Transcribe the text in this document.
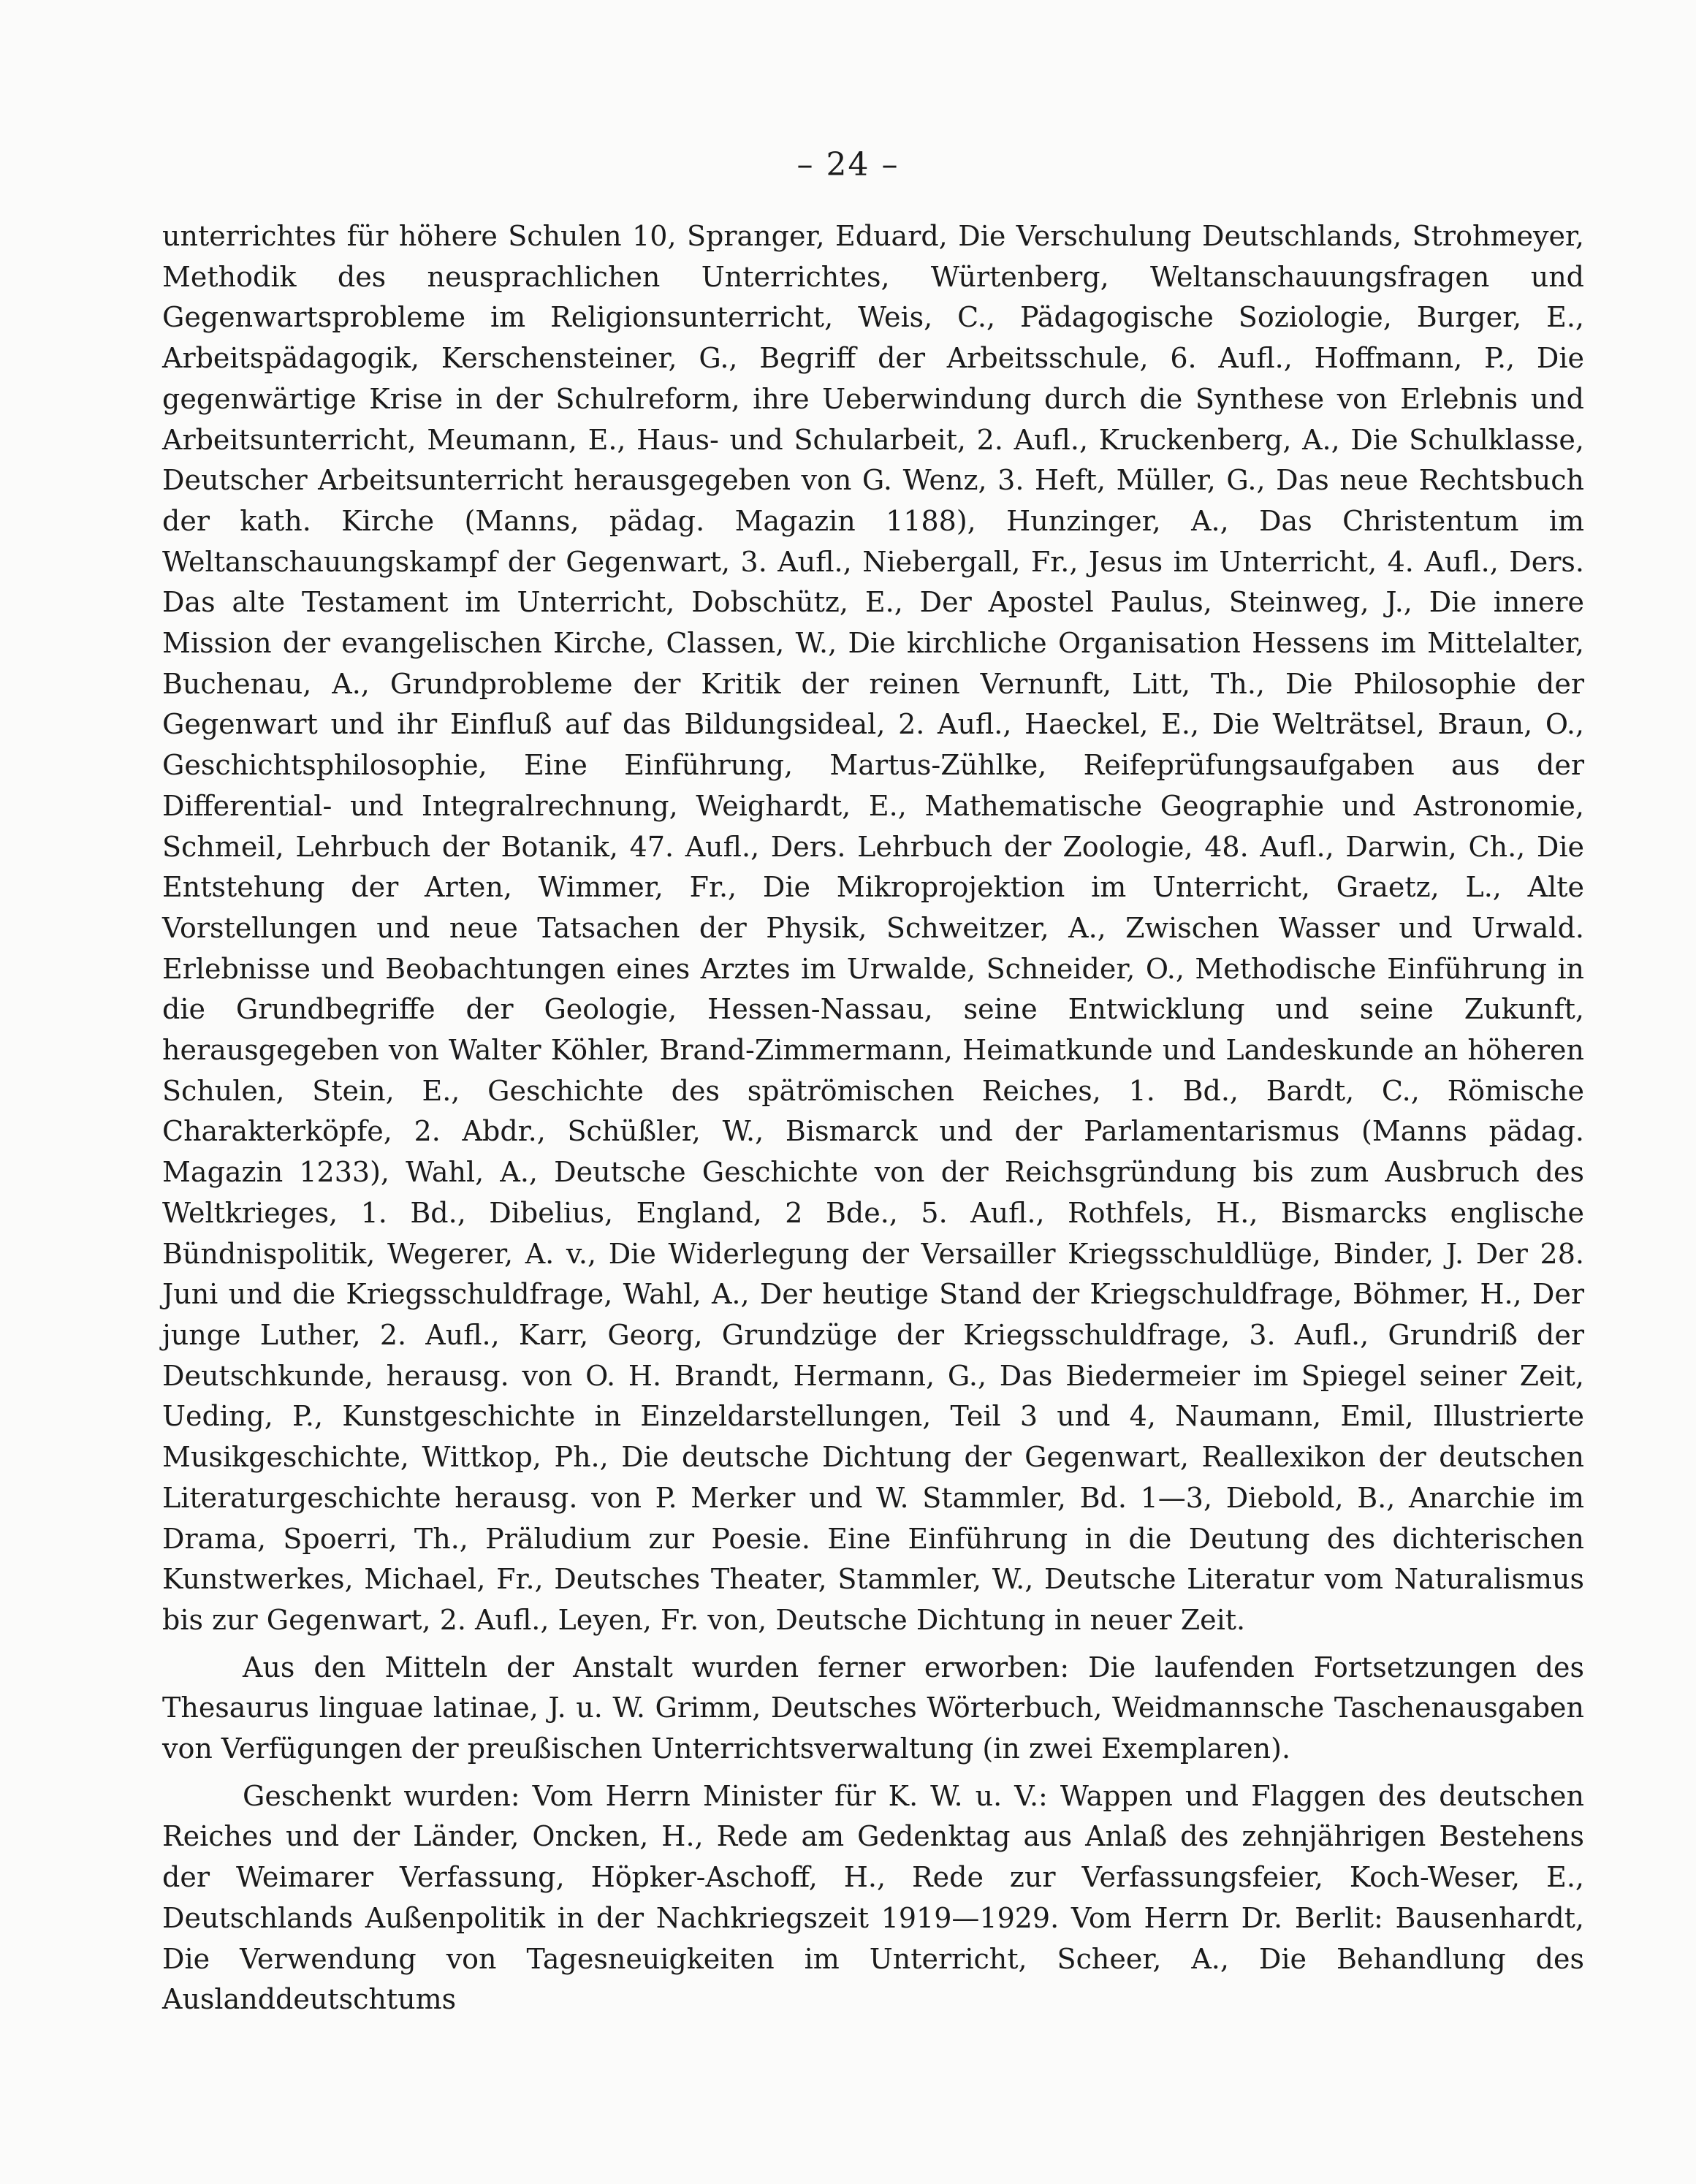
– 24 –

unterrichtes für höhere Schulen 10, Spranger, Eduard, Die Verschulung Deutschlands, Strohmeyer, Methodik des neusprachlichen Unterrichtes, Würtenberg, Weltanschauungsfragen und Gegenwartsprobleme im Religionsunterricht, Weis, C., Pädagogische Soziologie, Burger, E., Arbeitspädagogik, Kerschensteiner, G., Begriff der Arbeitsschule, 6. Aufl., Hoffmann, P., Die gegenwärtige Krise in der Schulreform, ihre Ueberwindung durch die Synthese von Erlebnis und Arbeitsunterricht, Meumann, E., Haus- und Schularbeit, 2. Aufl., Kruckenberg, A., Die Schulklasse, Deutscher Arbeitsunterricht herausgegeben von G. Wenz, 3. Heft, Müller, G., Das neue Rechtsbuch der kath. Kirche (Manns, pädag. Magazin 1188), Hunzinger, A., Das Christentum im Weltanschauungskampf der Gegenwart, 3. Aufl., Niebergall, Fr., Jesus im Unterricht, 4. Aufl., Ders. Das alte Testament im Unterricht, Dobschütz, E., Der Apostel Paulus, Steinweg, J., Die innere Mission der evangelischen Kirche, Classen, W., Die kirchliche Organisation Hessens im Mittelalter, Buchenau, A., Grundprobleme der Kritik der reinen Vernunft, Litt, Th., Die Philosophie der Gegenwart und ihr Einfluß auf das Bildungsideal, 2. Aufl., Haeckel, E., Die Welträtsel, Braun, O., Geschichtsphilosophie, Eine Einführung, Martus-Zühlke, Reifeprüfungsaufgaben aus der Differential- und Integralrechnung, Weighardt, E., Mathematische Geographie und Astronomie, Schmeil, Lehrbuch der Botanik, 47. Aufl., Ders. Lehrbuch der Zoologie, 48. Aufl., Darwin, Ch., Die Entstehung der Arten, Wimmer, Fr., Die Mikroprojektion im Unterricht, Graetz, L., Alte Vorstellungen und neue Tatsachen der Physik, Schweitzer, A., Zwischen Wasser und Urwald. Erlebnisse und Beobachtungen eines Arztes im Urwalde, Schneider, O., Methodische Einführung in die Grundbegriffe der Geologie, Hessen-Nassau, seine Entwicklung und seine Zukunft, herausgegeben von Walter Köhler, Brand-Zimmermann, Heimatkunde und Landeskunde an höheren Schulen, Stein, E., Geschichte des spätrömischen Reiches, 1. Bd., Bardt, C., Römische Charakterköpfe, 2. Abdr., Schüßler, W., Bismarck und der Parlamentarismus (Manns pädag. Magazin 1233), Wahl, A., Deutsche Geschichte von der Reichsgründung bis zum Ausbruch des Weltkrieges, 1. Bd., Dibelius, England, 2 Bde., 5. Aufl., Rothfels, H., Bismarcks englische Bündnispolitik, Wegerer, A. v., Die Widerlegung der Versailler Kriegsschuldlüge, Binder, J. Der 28. Juni und die Kriegsschuldfrage, Wahl, A., Der heutige Stand der Kriegschuldfrage, Böhmer, H., Der junge Luther, 2. Aufl., Karr, Georg, Grundzüge der Kriegsschuldfrage, 3. Aufl., Grundriß der Deutschkunde, herausg. von O. H. Brandt, Hermann, G., Das Biedermeier im Spiegel seiner Zeit, Ueding, P., Kunstgeschichte in Einzeldarstellungen, Teil 3 und 4, Naumann, Emil, Illustrierte Musikgeschichte, Wittkop, Ph., Die deutsche Dichtung der Gegenwart, Reallexikon der deutschen Literaturgeschichte herausg. von P. Merker und W. Stammler, Bd. 1—3, Diebold, B., Anarchie im Drama, Spoerri, Th., Präludium zur Poesie. Eine Einführung in die Deutung des dichterischen Kunstwerkes, Michael, Fr., Deutsches Theater, Stammler, W., Deutsche Literatur vom Naturalismus bis zur Gegenwart, 2. Aufl., Leyen, Fr. von, Deutsche Dichtung in neuer Zeit.

Aus den Mitteln der Anstalt wurden ferner erworben: Die laufenden Fortsetzungen des Thesaurus linguae latinae, J. u. W. Grimm, Deutsches Wörterbuch, Weidmannsche Taschenausgaben von Verfügungen der preußischen Unterrichtsverwaltung (in zwei Exemplaren).

Geschenkt wurden: Vom Herrn Minister für K. W. u. V.: Wappen und Flaggen des deutschen Reiches und der Länder, Oncken, H., Rede am Gedenktag aus Anlaß des zehnjährigen Bestehens der Weimarer Verfassung, Höpker-Aschoff, H., Rede zur Verfassungsfeier, Koch-Weser, E., Deutschlands Außenpolitik in der Nachkriegszeit 1919—1929. Vom Herrn Dr. Berlit: Bausenhardt, Die Verwendung von Tagesneuigkeiten im Unterricht, Scheer, A., Die Behandlung des Auslanddeutschtums
